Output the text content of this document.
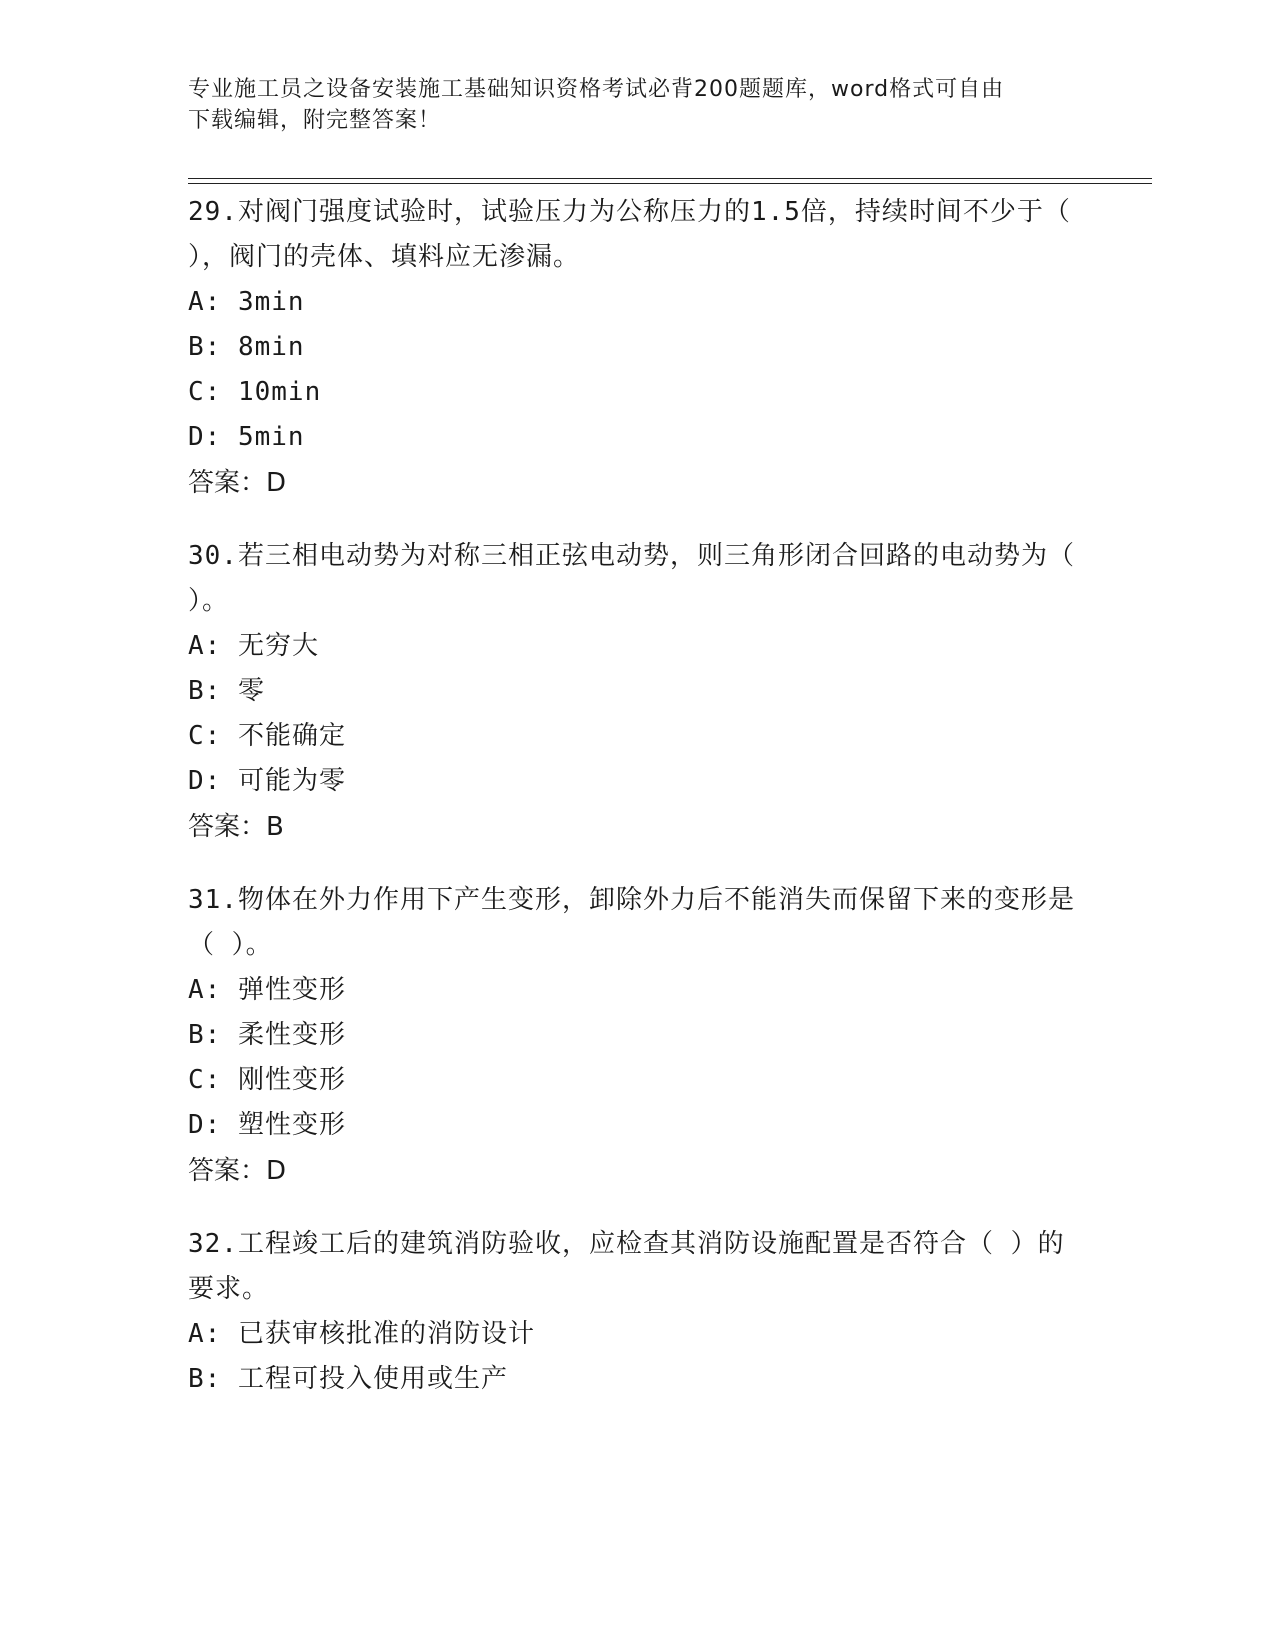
专业施工员之设备安装施工基础知识资格考试必背200题题库，word格式可自由
下载编辑，附完整答案！

29.对阀门强度试验时，试验压力为公称压力的1.5倍，持续时间不少于（ ），阀门的壳体、填料应无渗漏。

A: 3min

B: 8min

C: 10min

D: 5min

答案：D

30.若三相电动势为对称三相正弦电动势，则三角形闭合回路的电动势为（ ）。

A: 无穷大

B: 零

C: 不能确定

D: 可能为零

答案：B

31.物体在外力作用下产生变形，卸除外力后不能消失而保留下来的变形是（ ）。

A: 弹性变形

B: 柔性变形

C: 刚性变形

D: 塑性变形

答案：D

32.工程竣工后的建筑消防验收，应检查其消防设施配置是否符合（ ）的要求。

A: 已获审核批准的消防设计

B: 工程可投入使用或生产
